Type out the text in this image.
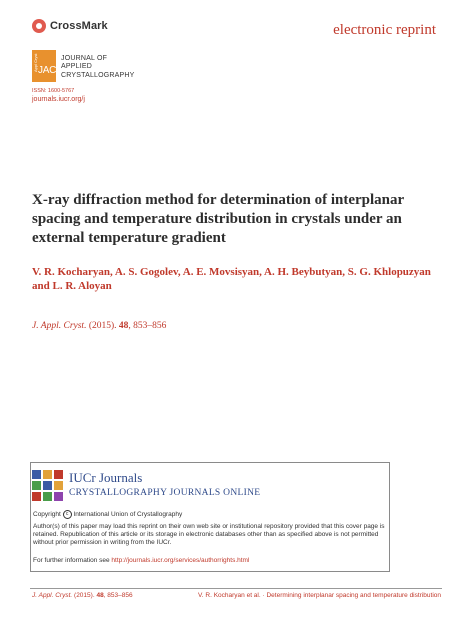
CrossMark	electronic reprint
Appl Cryst JAC
JOURNAL OF
APPLIED
CRYSTALLOGRAPHY
ISSN: 1600-5767
journals.iucr.org/j
X-ray diffraction method for determination of interplanar spacing and temperature distribution in crystals under an external temperature gradient
V. R. Kocharyan, A. S. Gogolev, A. E. Movsisyan, A. H. Beybutyan, S. G. Khlopuzyan and L. R. Aloyan
J. Appl. Cryst. (2015). 48, 853–856
IUCr Journals
CRYSTALLOGRAPHY JOURNALS ONLINE
Copyright c International Union of Crystallography
Author(s) of this paper may load this reprint on their own web site or institutional repository provided that this cover page is retained. Republication of this article or its storage in electronic databases other than as specified above is not permitted without prior permission in writing from the IUCr.
For further information see http://journals.iucr.org/services/authorrights.html
J. Appl. Cryst. (2015). 48, 853–856	V. R. Kocharyan et al. · Determining interplanar spacing and temperature distribution
